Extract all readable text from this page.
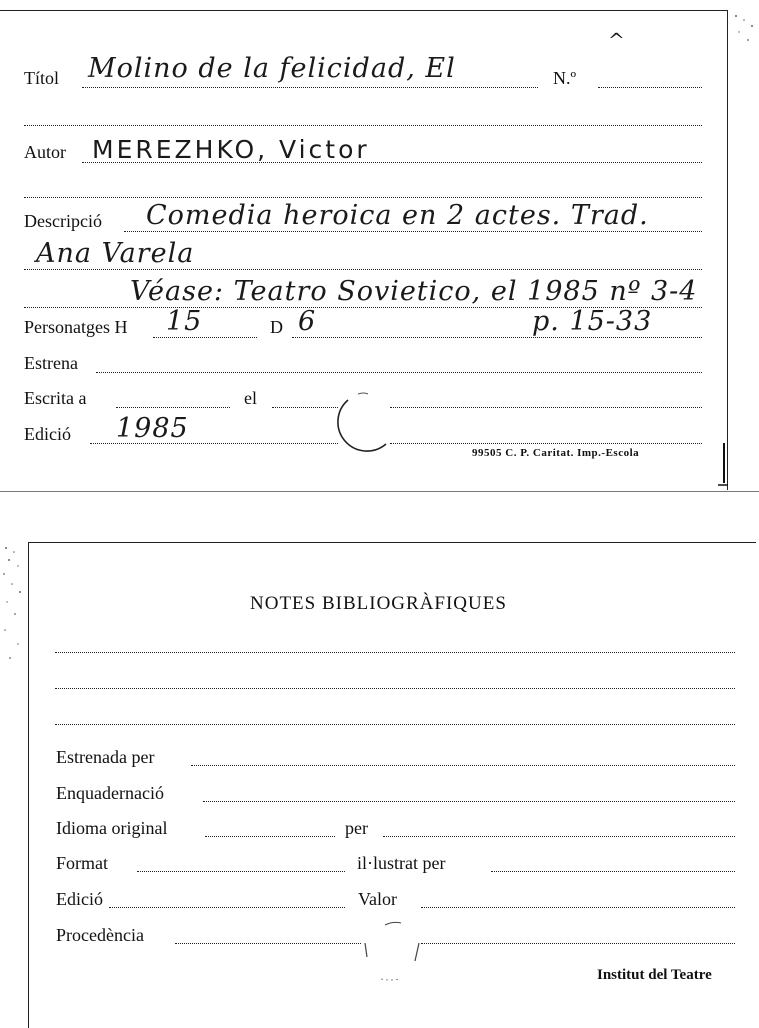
^
Títol Molino de la felicidad, El	N.º
Autor MEREZHKO, Victor
Descripció Comedia heroica en 2 actes. Trad.
Ana Varela
Véase: Teatro Sovietico, el 1985 nº 3-4
Personatges H 15	D 6	p. 15-33
Estrena
Escrita a	el
Edició 1985
99505 C. P. Caritat. Imp.-Escola
NOTES BIBLIOGRÀFIQUES
Estrenada per
Enquadernació
Idioma original	per
Format	il·lustrat per
Edició	Valor
Procedència
Institut del Teatre
